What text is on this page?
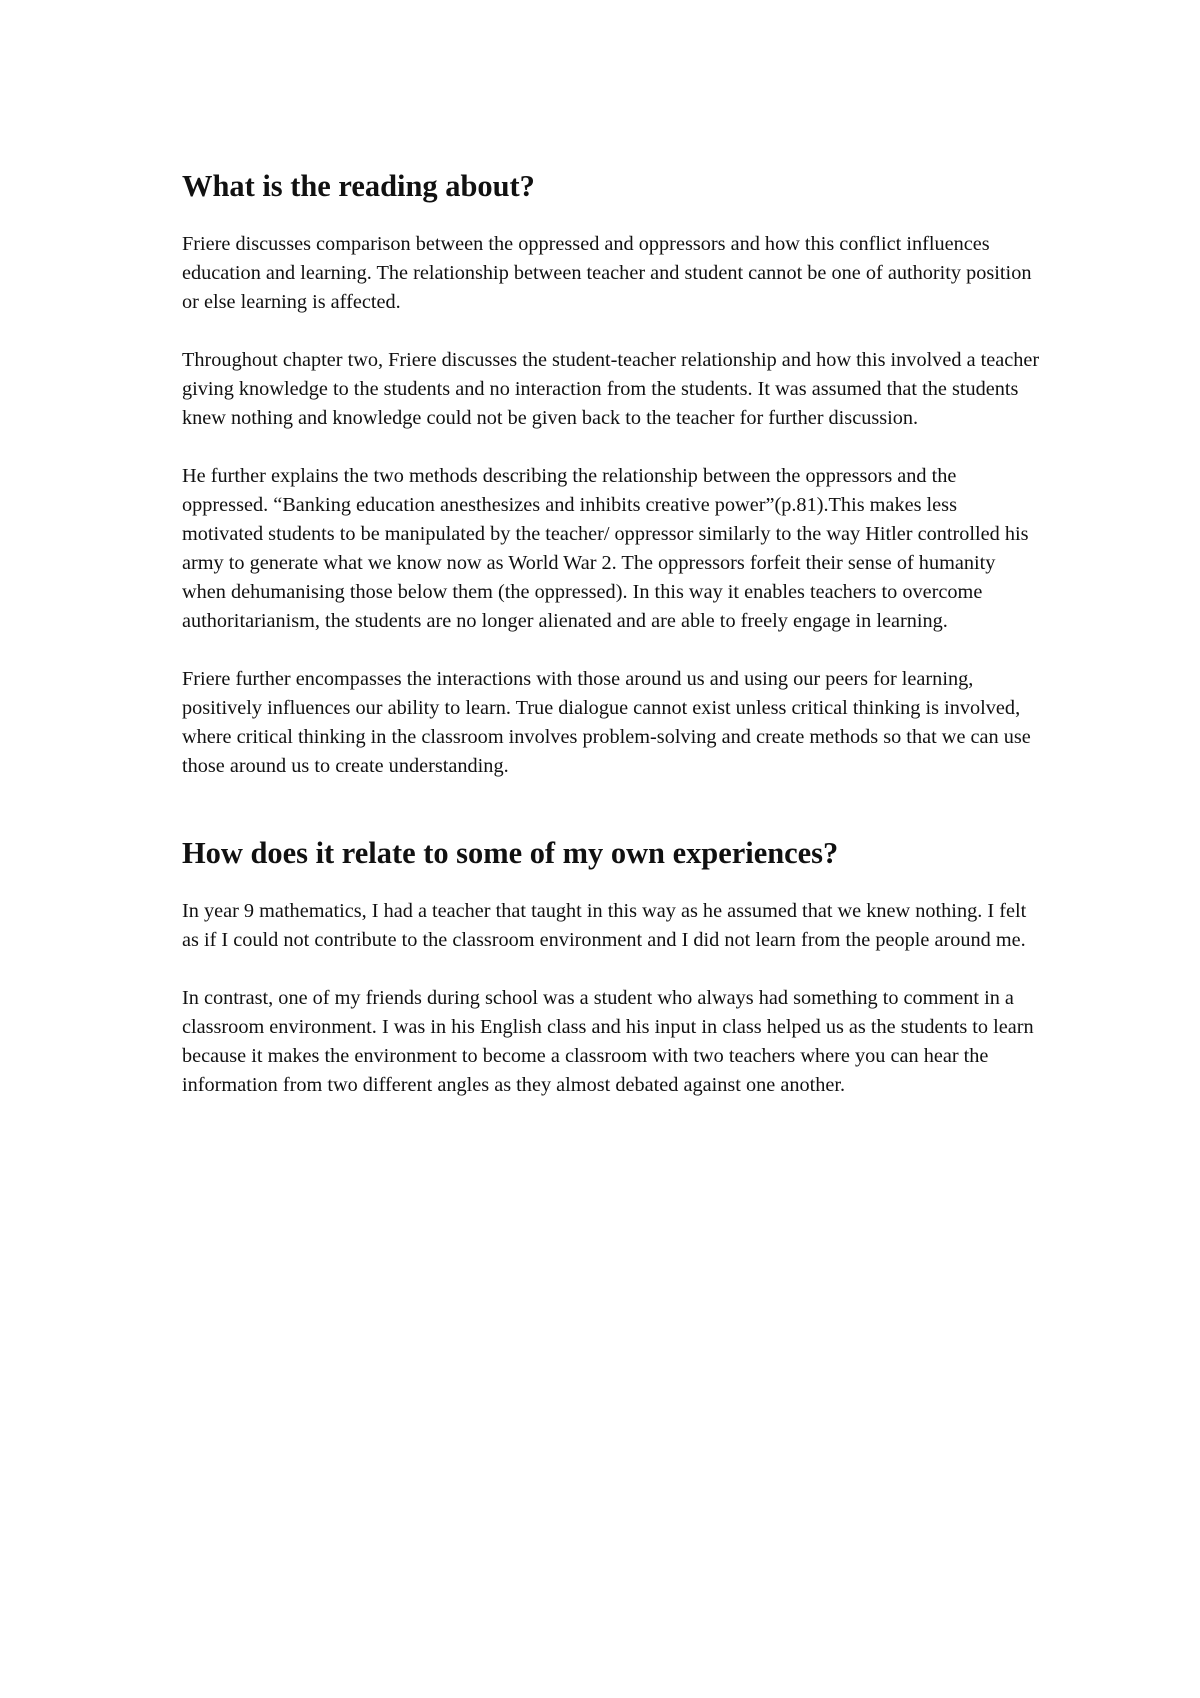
What is the reading about?

Friere discusses comparison between the oppressed and oppressors and how this conflict influences education and learning. The relationship between teacher and student cannot be one of authority position or else learning is affected.

Throughout chapter two, Friere discusses the student-teacher relationship and how this involved a teacher giving knowledge to the students and no interaction from the students. It was assumed that the students knew nothing and knowledge could not be given back to the teacher for further discussion.

He further explains the two methods describing the relationship between the oppressors and the oppressed. “Banking education anesthesizes and inhibits creative power”(p.81).This makes less motivated students to be manipulated by the teacher/ oppressor similarly to the way Hitler controlled his army to generate what we know now as World War 2. The oppressors forfeit their sense of humanity when dehumanising those below them (the oppressed). In this way it enables teachers to overcome authoritarianism, the students are no longer alienated and are able to freely engage in learning.

Friere further encompasses the interactions with those around us and using our peers for learning, positively influences our ability to learn. True dialogue cannot exist unless critical thinking is involved, where critical thinking in the classroom involves problem-solving and create methods so that we can use those around us to create understanding.

How does it relate to some of my own experiences?

In year 9 mathematics, I had a teacher that taught in this way as he assumed that we knew nothing. I felt as if I could not contribute to the classroom environment and I did not learn from the people around me.

In contrast, one of my friends during school was a student who always had something to comment in a classroom environment. I was in his English class and his input in class helped us as the students to learn because it makes the environment to become a classroom with two teachers where you can hear the information from two different angles as they almost debated against one another.
